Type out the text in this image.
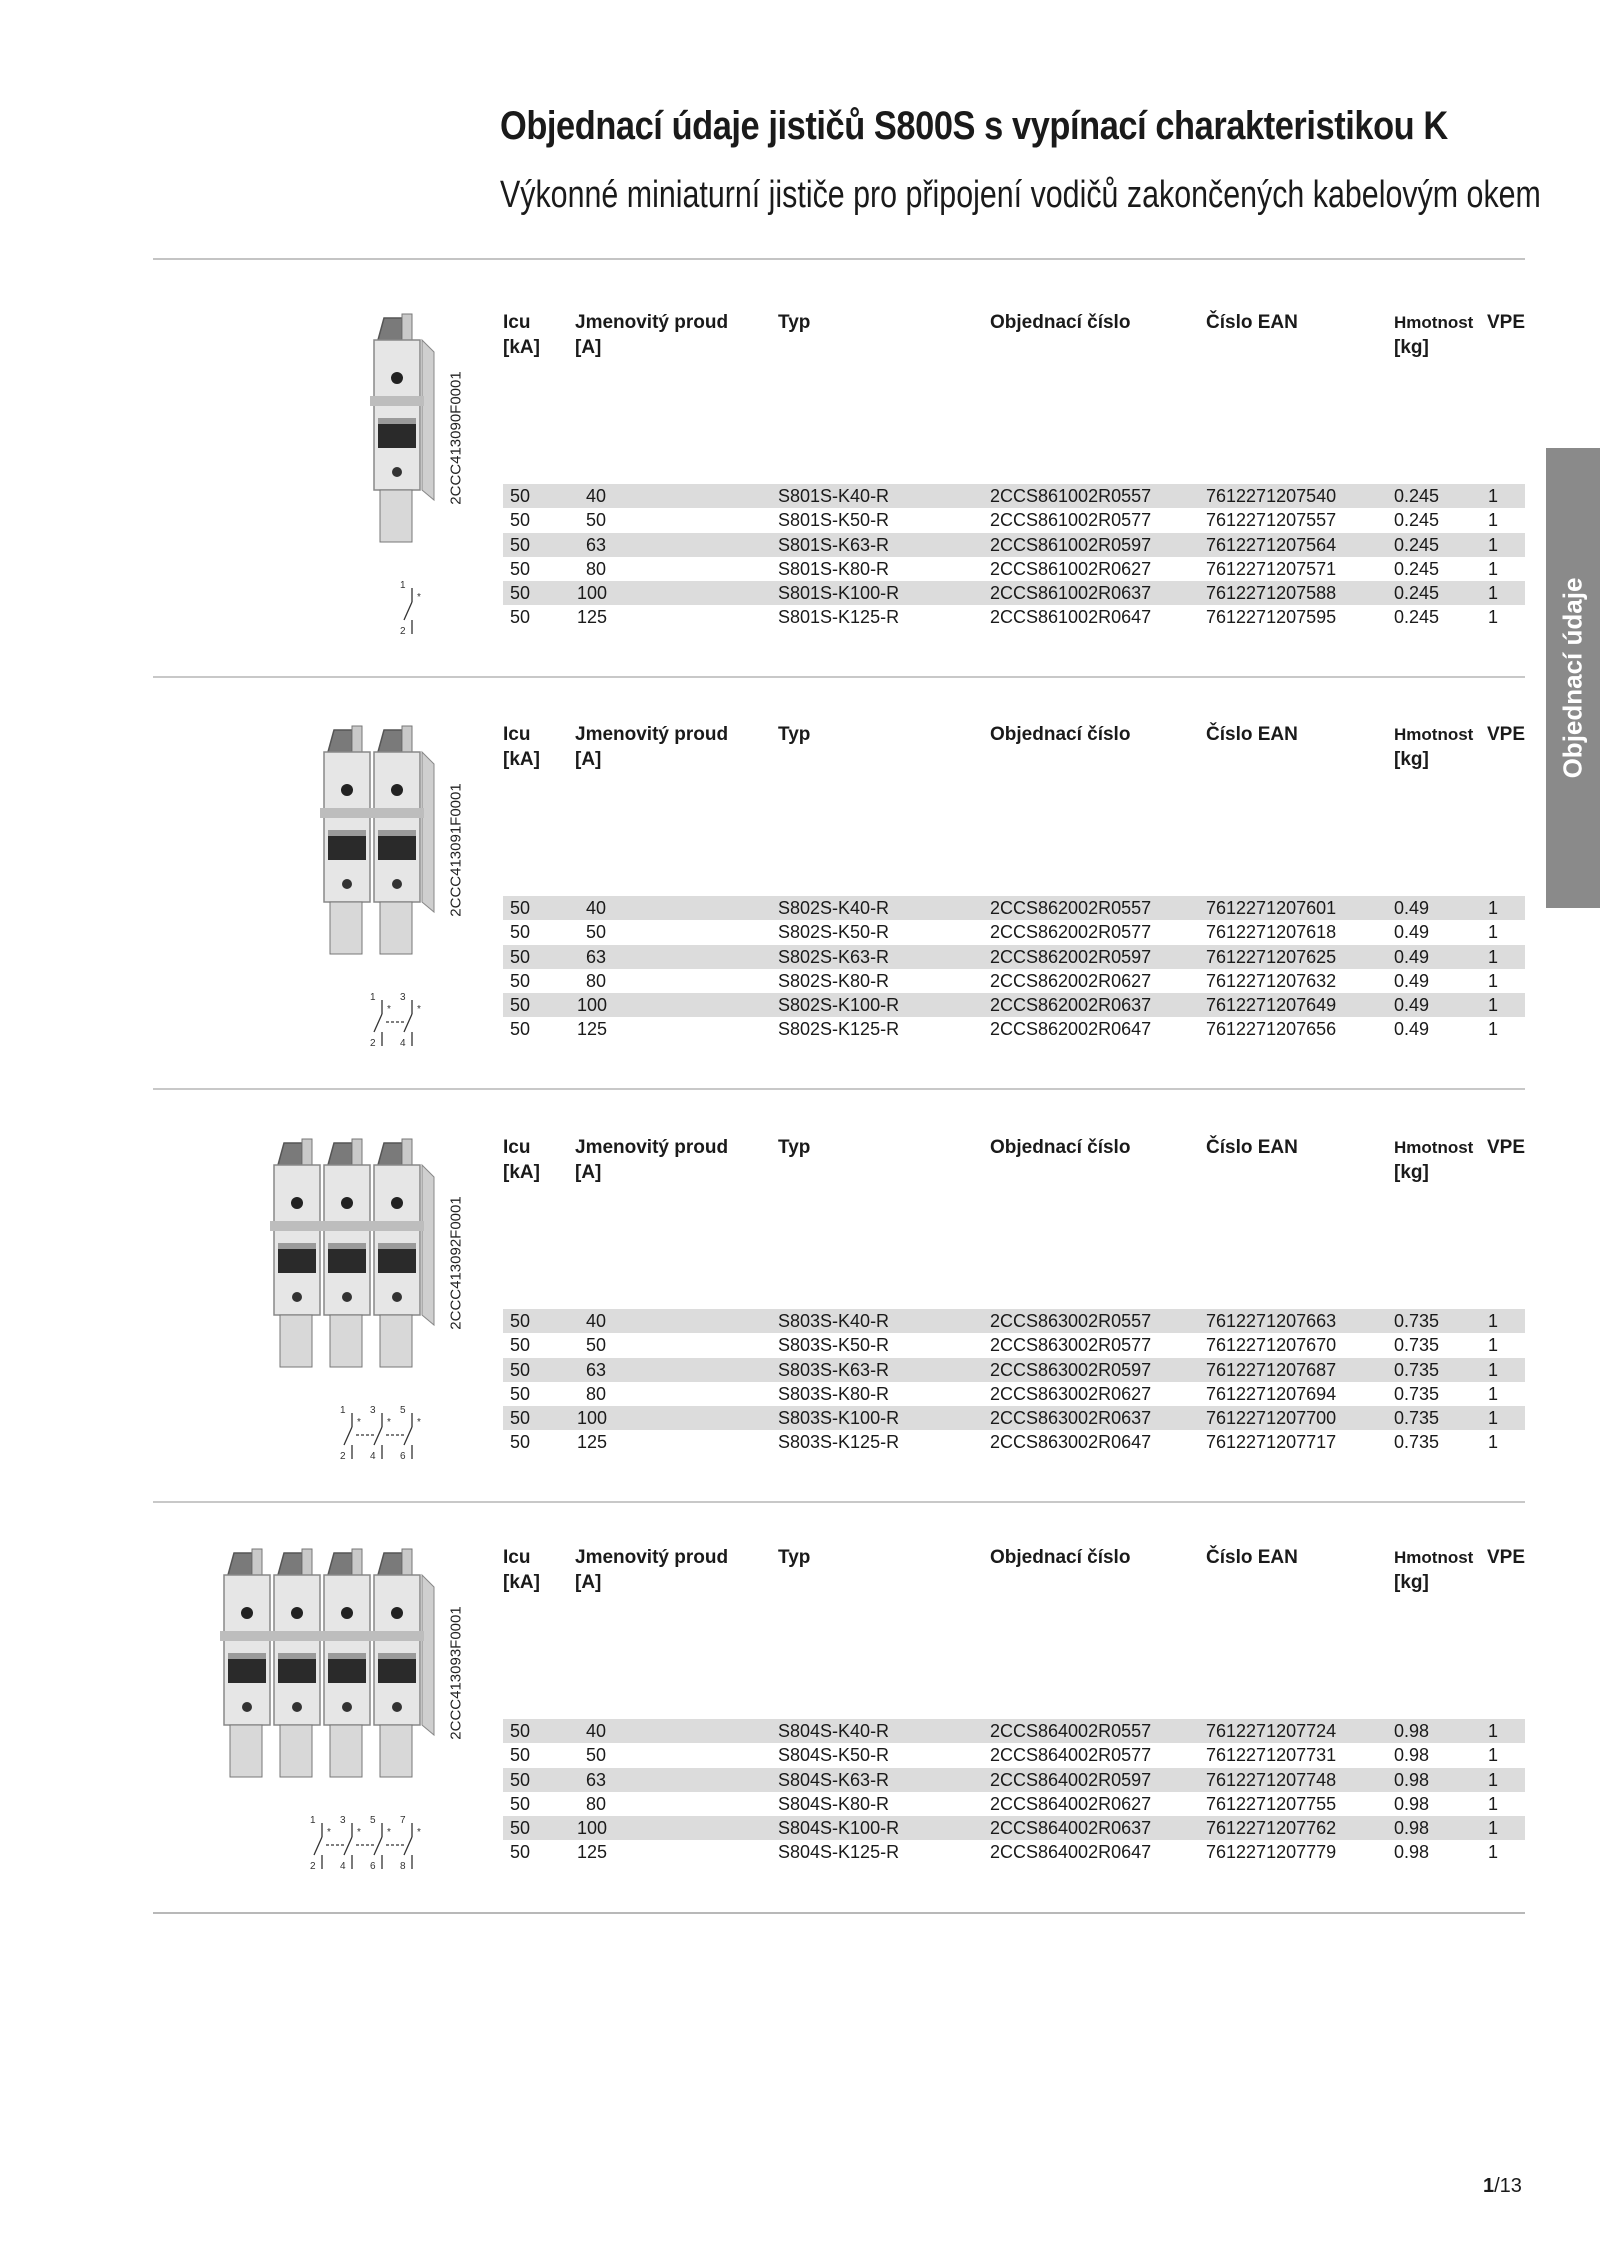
Objednací údaje jističů S800S s vypínací charakteristikou K
Výkonné miniaturní jističe pro připojení vodičů zakončených kabelovým okem
Objednací údaje
*
1
2
2CCC413090F0001
Icu
[kA]
Jmenovitý proud
[A]
Typ	Objednací číslo	Číslo EAN	Hmotnost
[kg]
VPE
50	40	S801S-K40-R	2CCS861002R0557	7612271207540	0.245	1
50	50	S801S-K50-R	2CCS861002R0577	7612271207557	0.245	1
50	63	S801S-K63-R	2CCS861002R0597	7612271207564	0.245	1
50	80	S801S-K80-R	2CCS861002R0627	7612271207571	0.245	1
50	100	S801S-K100-R	2CCS861002R0637	7612271207588	0.245	1
50	125	S801S-K125-R	2CCS861002R0647	7612271207595	0.245	1
*	*
1
2
3
4
2CCC413091F0001
Icu
[kA]
Jmenovitý proud
[A]
Typ	Objednací číslo	Číslo EAN	Hmotnost
[kg]
VPE
50	40	S802S-K40-R	2CCS862002R0557	7612271207601	0.49	1
50	50	S802S-K50-R	2CCS862002R0577	7612271207618	0.49	1
50	63	S802S-K63-R	2CCS862002R0597	7612271207625	0.49	1
50	80	S802S-K80-R	2CCS862002R0627	7612271207632	0.49	1
50	100	S802S-K100-R	2CCS862002R0637	7612271207649	0.49	1
50	125	S802S-K125-R	2CCS862002R0647	7612271207656	0.49	1
*	*	*
1
2
3
4
5
6
2CCC413092F0001
Icu
[kA]
Jmenovitý proud
[A]
Typ	Objednací číslo	Číslo EAN	Hmotnost
[kg]
VPE
50	40	S803S-K40-R	2CCS863002R0557	7612271207663	0.735	1
50	50	S803S-K50-R	2CCS863002R0577	7612271207670	0.735	1
50	63	S803S-K63-R	2CCS863002R0597	7612271207687	0.735	1
50	80	S803S-K80-R	2CCS863002R0627	7612271207694	0.735	1
50	100	S803S-K100-R	2CCS863002R0637	7612271207700	0.735	1
50	125	S803S-K125-R	2CCS863002R0647	7612271207717	0.735	1
*	*	*	*
1
2
3
4
5
6
7
8
2CCC413093F0001
Icu
[kA]
Jmenovitý proud
[A]
Typ	Objednací číslo	Číslo EAN	Hmotnost
[kg]
VPE
50	40	S804S-K40-R	2CCS864002R0557	7612271207724	0.98	1
50	50	S804S-K50-R	2CCS864002R0577	7612271207731	0.98	1
50	63	S804S-K63-R	2CCS864002R0597	7612271207748	0.98	1
50	80	S804S-K80-R	2CCS864002R0627	7612271207755	0.98	1
50	100	S804S-K100-R	2CCS864002R0637	7612271207762	0.98	1
50	125	S804S-K125-R	2CCS864002R0647	7612271207779	0.98	1
1/13
